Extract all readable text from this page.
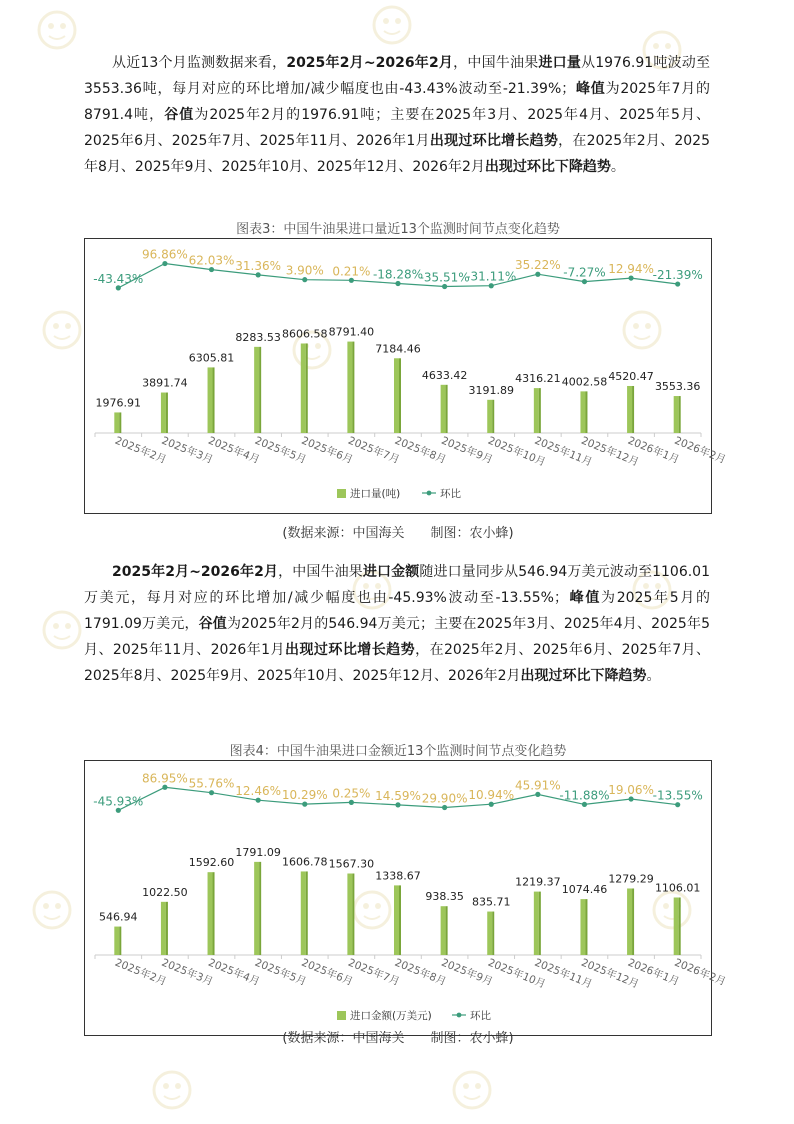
从近13个月监测数据来看，2025年2月~2026年2月，中国牛油果进口量从1976.91吨波动至3553.36吨，每月对应的环比增加/减少幅度也由-43.43%波动至-21.39%；峰值为2025年7月的8791.4吨，谷值为2025年2月的1976.91吨；主要在2025年3月、2025年4月、2025年5月、2025年6月、2025年7月、2025年11月、2026年1月出现过环比增长趋势，在2025年2月、2025年8月、2025年9月、2025年10月、2025年12月、2026年2月出现过环比下降趋势。

图表3：中国牛油果进口量近13个监测时间节点变化趋势
1976.91
2025年2月
3891.74
2025年3月
6305.81
2025年4月
8283.53
2025年5月
8606.58
2025年6月
8791.40
2025年7月
7184.46
2025年8月
4633.42
2025年9月
3191.89
2025年10月
4316.21
2025年11月
4002.58
2025年12月
4520.47
2026年1月
3553.36
2026年2月
-43.43%
96.86% 62.03% 31.36% 3.90% 0.21% -18.28%
-35.51%
-31.11%
35.22%
-7.27% 12.94%
-21.39%
进口量(吨)	环比
(数据来源：中国海关　　制图：农小蜂)

2025年2月~2026年2月，中国牛油果进口金额随进口量同步从546.94万美元波动至1106.01万美元，每月对应的环比增加/减少幅度也由-45.93%波动至-13.55%；峰值为2025年5月的1791.09万美元，谷值为2025年2月的546.94万美元；主要在2025年3月、2025年4月、2025年5月、2025年11月、2026年1月出现过环比增长趋势，在2025年2月、2025年6月、2025年7月、2025年8月、2025年9月、2025年10月、2025年12月、2026年2月出现过环比下降趋势。

图表4：中国牛油果进口金额近13个监测时间节点变化趋势
546.94
2025年2月
1022.50
2025年3月
1592.60
2025年4月
1791.09
2025年5月
1606.78
2025年6月
1567.30
2025年7月
1338.67
2025年8月
938.35
2025年9月
835.71
2025年10月
1219.37
2025年11月
1074.46
2025年12月
1279.29
2026年1月
1106.01
2026年2月
-45.93%
86.95% 55.76%
12.46% 10.29% 0.25% 14.59% 29.90% 10.94%
45.91%
-11.88%
19.06%
-13.55%
进口金额(万美元)	环比
(数据来源：中国海关　　制图：农小蜂)
